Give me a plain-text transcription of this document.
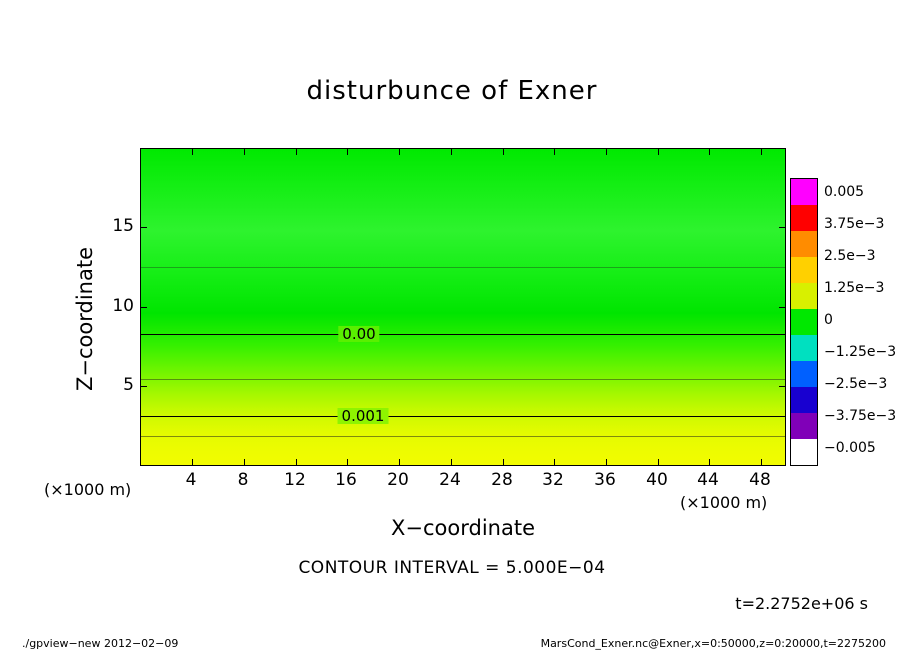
disturbunce of Exner
0.00
0.001
4 8 12 16 20 24 28 32 36 40 44 48
15
10
5
Z−coordinate
X−coordinate
(×1000 m)
(×1000 m)
0.005
3.75e−3
2.5e−3
1.25e−3
0
−1.25e−3
−2.5e−3
−3.75e−3
−0.005
CONTOUR INTERVAL = 5.000E−04
t=2.2752e+06 s
./gpview−new 2012−02−09	MarsCond_Exner.nc@Exner,x=0:50000,z=0:20000,t=2275200
